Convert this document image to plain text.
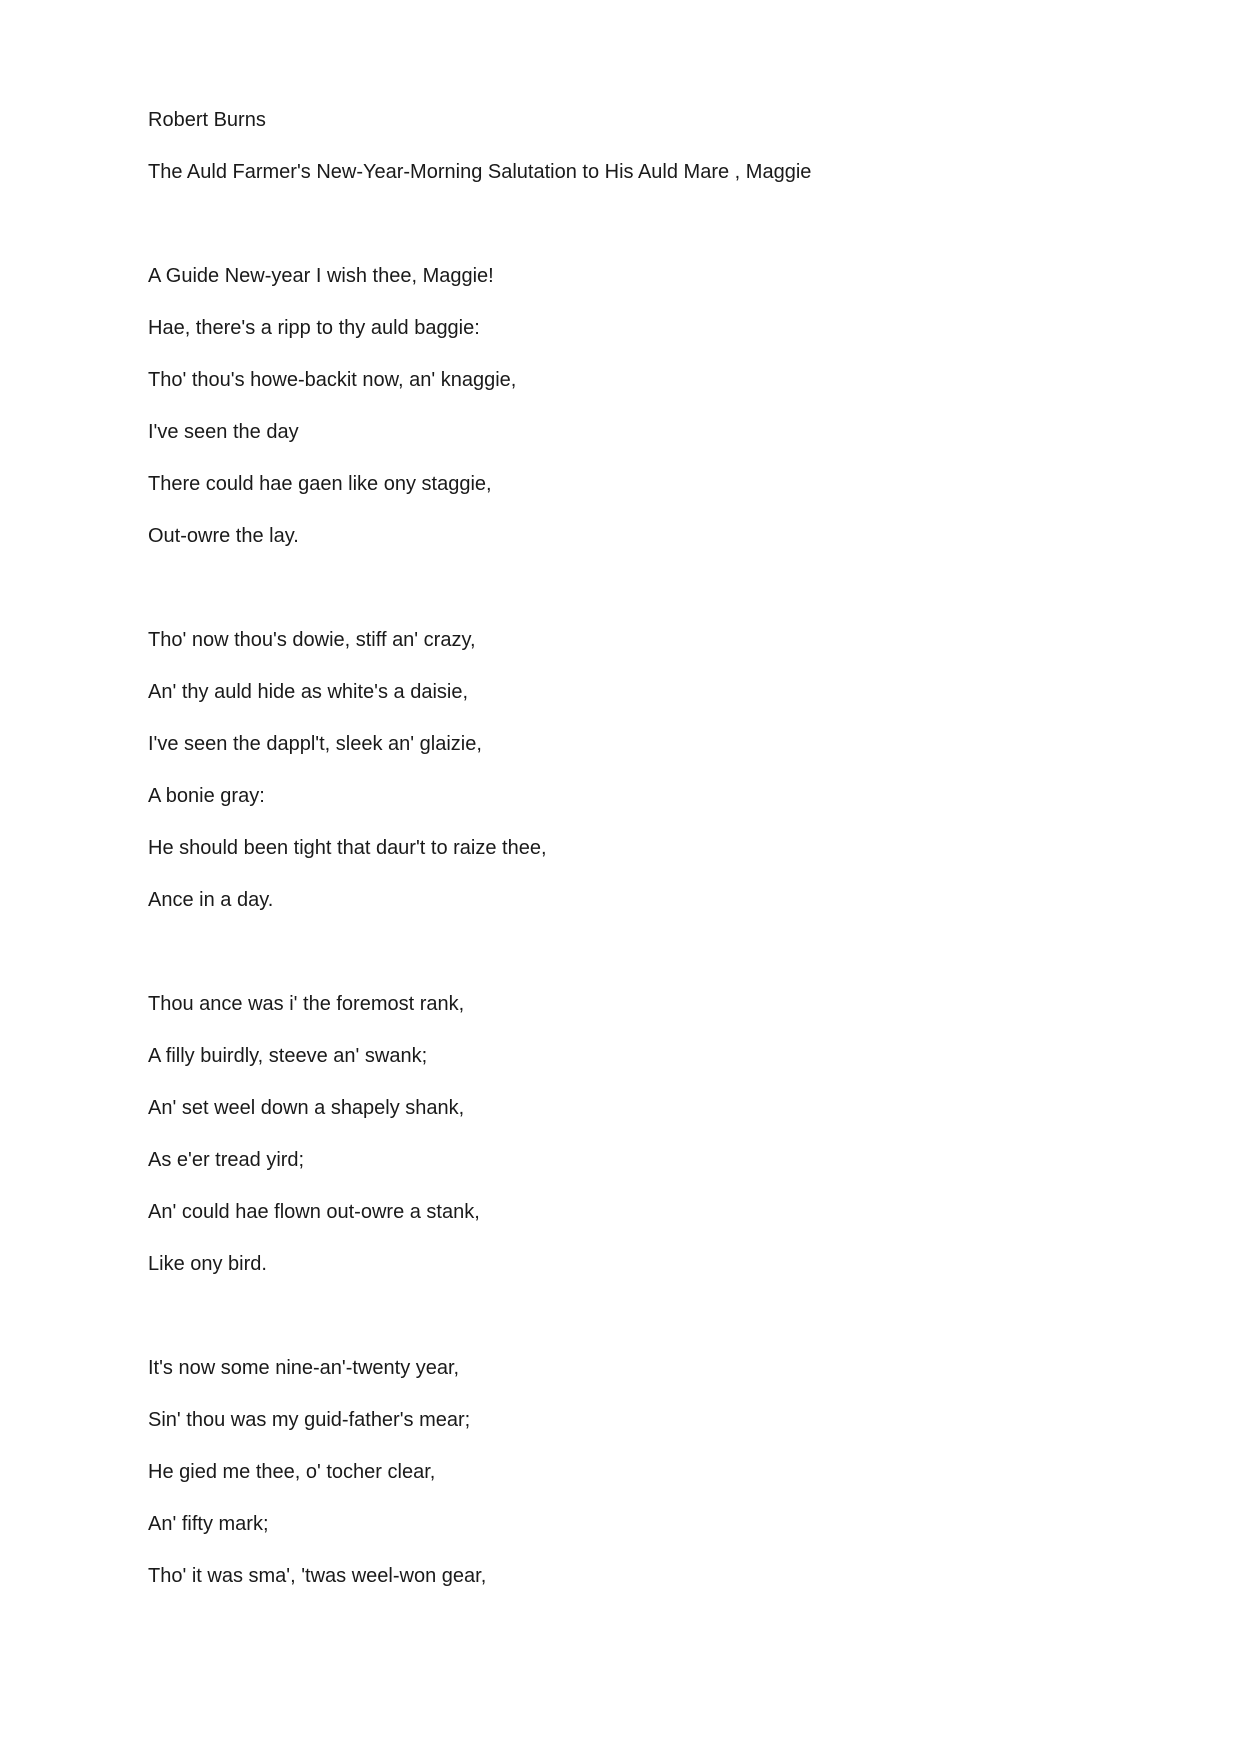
Robert Burns
The Auld Farmer's New-Year-Morning Salutation to His Auld Mare , Maggie
A Guide New-year I wish thee, Maggie!
Hae, there's a ripp to thy auld baggie:
Tho' thou's howe-backit now, an' knaggie,
I've seen the day
There could hae gaen like ony staggie,
Out-owre the lay.
Tho' now thou's dowie, stiff an' crazy,
An' thy auld hide as white's a daisie,
I've seen the dappl't, sleek an' glaizie,
A bonie gray:
He should been tight that daur't to raize thee,
Ance in a day.
Thou ance was i' the foremost rank,
A filly buirdly, steeve an' swank;
An' set weel down a shapely shank,
As e'er tread yird;
An' could hae flown out-owre a stank,
Like ony bird.
It's now some nine-an'-twenty year,
Sin' thou was my guid-father's mear;
He gied me thee, o' tocher clear,
An' fifty mark;
Tho' it was sma', 'twas weel-won gear,
